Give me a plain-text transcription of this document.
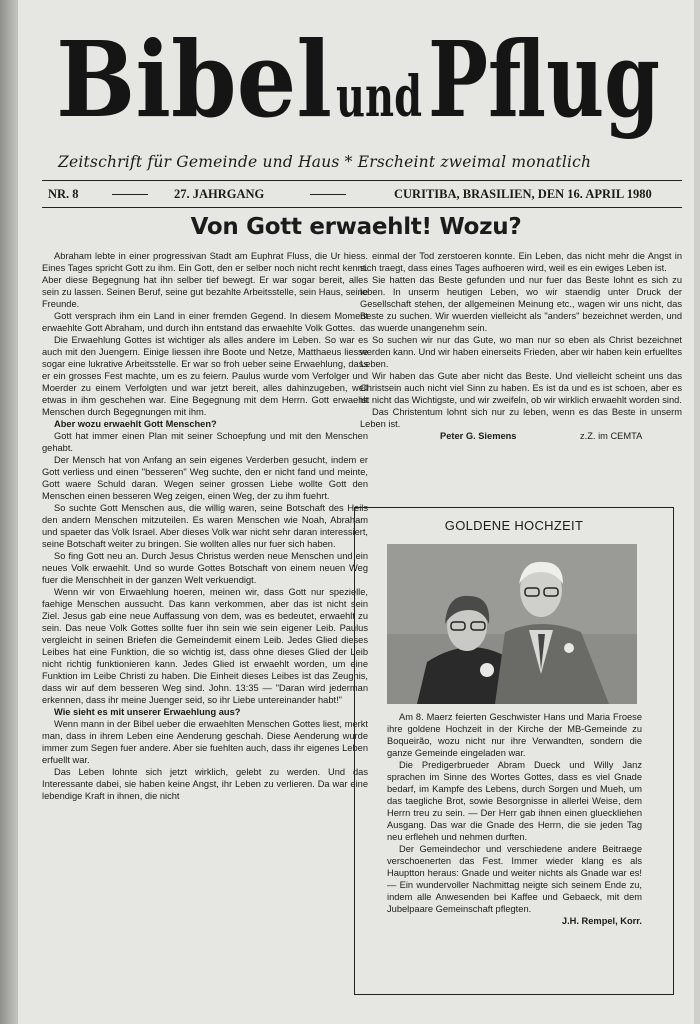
Bibel und Pflug
Zeitschrift für Gemeinde und Haus * Erscheint zweimal monatlich
NR. 8	27. JAHRGANG	CURITIBA, BRASILIEN, DEN 16. APRIL 1980
Von Gott erwaehlt! Wozu?

Abraham lebte in einer progressivan Stadt am Euphrat Fluss, die Ur hiess. Eines Tages spricht Gott zu ihm. Ein Gott, den er selber noch nicht recht kennt. Aber diese Begegnung hat ihn selber tief bewegt. Er war sogar bereit, alles sein zu lassen. Seinen Beruf, seine gut bezahlte Arbeitsstelle, sein Haus, seine Freunde.

Gott versprach ihm ein Land in einer fremden Gegend. In diesem Moment erwaehlte Gott Abraham, und durch ihn entstand das erwaehlte Volk Gottes.

Die Erwaehlung Gottes ist wichtiger als alles andere im Leben. So war es auch mit den Juengern. Einige liessen ihre Boote und Netze, Matthaeus liesse sogar eine lukrative Arbeitsstelle. Er war so froh ueber seine Erwaehlung, dass er ein grosses Fest machte, um es zu feiern. Paulus wurde vom Verfolger und Moerder zu einem Verfolgten und war jetzt bereit, alles dahinzugeben, weil etwas in ihm geschehen war. Eine Begegnung mit dem Herrn. Gott erwaehlt Menschen durch Begegnungen mit ihm.

Aber wozu erwaehlt Gott Menschen?

Gott hat immer einen Plan mit seiner Schoepfung und mit den Menschen gehabt.

Der Mensch hat von Anfang an sein eigenes Verderben gesucht, indem er Gott verliess und einen "besseren" Weg suchte, den er nicht fand und meinte, Gott waere Schuld daran. Wegen seiner grossen Liebe wollte Gott den Menschen einen besseren Weg zeigen, einen Weg, der zu ihm fuehrt.

So suchte Gott Menschen aus, die willig waren, seine Botschaft des Heils den andern Menschen mitzuteilen. Es waren Menschen wie Noah, Abraham und spaeter das Volk Israel. Aber dieses Volk war nicht sehr daran interessiert, seine Botschaft weiter zu bringen. Sie wollten alles nur fuer sich haben.

So fing Gott neu an. Durch Jesus Christus werden neue Menschen und ein neues Volk erwaehlt. Und so wurde Gottes Botschaft von einem neuen Weg fuer die Menschheit in der ganzen Welt verkuendigt.

Wenn wir von Erwaehlung hoeren, meinen wir, dass Gott nur spezielle, faehige Menschen aussucht. Das kann verkommen, aber das ist nicht sein Ziel. Jesus gab eine neue Auffassung von dem, was es bedeutet, erwaehlt zu sein. Das neue Volk Gottes sollte fuer ihn sein wie sein eigener Leib. Paulus vergleicht in seinen Briefen die Gemeindemit einem Leib. Jedes Glied dieses Leibes hat eine Funktion, die so wichtig ist, dass ohne dieses Glied der Leib nicht richtig funktionieren kann. Jedes Glied ist erwaehlt worden, um eine Funktion im Leibe Christi zu haben. Die Einheit dieses Leibes ist das Zeugnis, dass wir auf dem besseren Weg sind. John. 13:35 — "Daran wird jederman erkennen, dass ihr meine Juenger seid, so ihr Liebe untereinander habt!"

Wie sieht es mit unserer Erwaehlung aus?

Wenn mann in der Bibel ueber die erwaehlten Menschen Gottes liest, merkt man, dass in ihrem Leben eine Aenderung geschah. Diese Aenderung wurde immer zum Segen fuer andere. Aber sie fuehlten auch, dass ihr eigenes Leben erfuellt war.

Das Leben lohnte sich jetzt wirklich, gelebt zu werden. Und das Interessante dabei, sie haben keine Angst, ihr Leben zu verlieren. Da war eine lebendige Kraft in ihnen, die nicht

einmal der Tod zerstoeren konnte. Ein Leben, das nicht mehr die Angst in sich traegt, dass eines Tages aufhoeren wird, weil es ein ewiges Leben ist.

Sie hatten das Beste gefunden und nur fuer das Beste lohnt es sich zu leben. In unserm heutigen Leben, wo wir staendig unter Druck der Gesellschaft stehen, der allgemeinen Meinung etc., wagen wir uns nicht, das Beste zu suchen. Wir wuerden vielleicht als "anders" bezeichnet werden, und das wuerde unangenehm sein.

So suchen wir nur das Gute, wo man nur so eben als Christ bezeichnet werden kann. Und wir haben einerseits Frieden, aber wir haben kein erfuelltes Leben.

Wir haben das Gute aber nicht das Beste. Und vielleicht scheint uns das Christsein auch nicht viel Sinn zu haben. Es ist da und es ist schoen, aber es ist nicht das Wichtigste, und wir zweifeln, ob wir wirklich erwaehlt worden sind.

Das Christentum lohnt sich nur zu leben, wenn es das Beste in unserm Leben ist.

Peter G. Siemens	z.Z. im CEMTA
GOLDENE HOCHZEIT

Am 8. Maerz feierten Geschwister Hans und Maria Froese ihre goldene Hochzeit in der Kirche der MB-Gemeinde zu Boqueirão, wozu nicht nur ihre Verwandten, sondern die ganze Gemeinde eingeladen war.

Die Predigerbrueder Abram Dueck und Willy Janz sprachen im Sinne des Wortes Gottes, dass es viel Gnade bedarf, im Kampfe des Lebens, durch Sorgen und Mueh, um das taegliche Brot, sowie Besorgnisse in allerlei Weise, dem Herrn treu zu sein. — Der Herr gab ihnen einen glueckliehen Ausgang. Das war die Gnade des Herrn, die sie jeden Tag neu erfleheh und nehmen durften.

Der Gemeindechor und verschiedene andere Beitraege verschoenerten das Fest. Immer wieder klang es als Hauptton heraus: Gnade und weiter nichts als Gnade war es! — Ein wundervoller Nachmittag neigte sich seinem Ende zu, indem alle Anwesenden bei Kaffee und Gebaeck, mit dem Jubelpaare Gemeinschaft pflegten.

J.H. Rempel, Korr.
